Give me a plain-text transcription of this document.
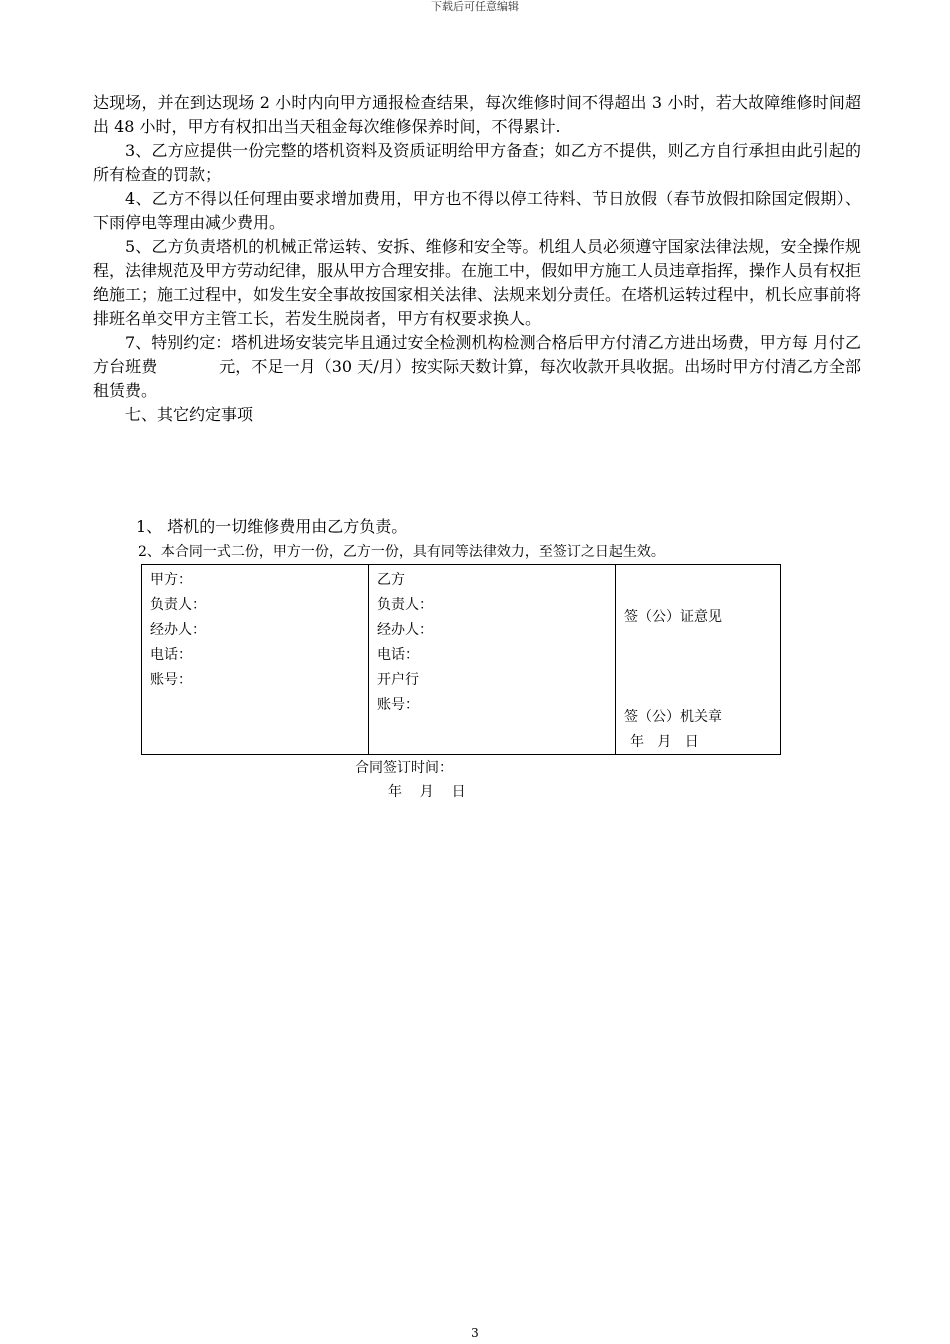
下载后可任意编辑

达现场，并在到达现场 2 小时内向甲方通报检查结果，每次维修时间不得超出 3 小时，若大故障维修时间超出 48 小时，甲方有权扣出当天租金每次维修保养时间，不得累计.

3、乙方应提供一份完整的塔机资料及资质证明给甲方备查；如乙方不提供，则乙方自行承担由此引起的所有检查的罚款；

4、乙方不得以任何理由要求增加费用，甲方也不得以停工待料、节日放假（春节放假扣除国定假期）、下雨停电等理由减少费用。

5、乙方负责塔机的机械正常运转、安拆、维修和安全等。机组人员必须遵守国家法律法规，安全操作规程，法律规范及甲方劳动纪律，服从甲方合理安排。在施工中，假如甲方施工人员违章指挥，操作人员有权拒绝施工；施工过程中，如发生安全事故按国家相关法律、法规来划分责任。在塔机运转过程中，机长应事前将排班名单交甲方主管工长，若发生脱岗者，甲方有权要求换人。

7、特别约定：塔机进场安装完毕且通过安全检测机构检测合格后甲方付清乙方进出场费，甲方每 月付乙方台班费            元，不足一月（30 天/月）按实际天数计算，每次收款开具收据。出场时甲方付清乙方全部租赁费。

七、其它约定事项

1、 塔机的一切维修费用由乙方负责。
2、本合同一式二份，甲方一份，乙方一份，具有同等法律效力，至签订之日起生效。
甲方：
负责人：
经办人：
电话：
账号：

乙方
负责人：
经办人：
电话：
开户行
账号：

签（公）证意见
签（公）机关章
年   月   日
合同签订时间：
年    月    日
3
